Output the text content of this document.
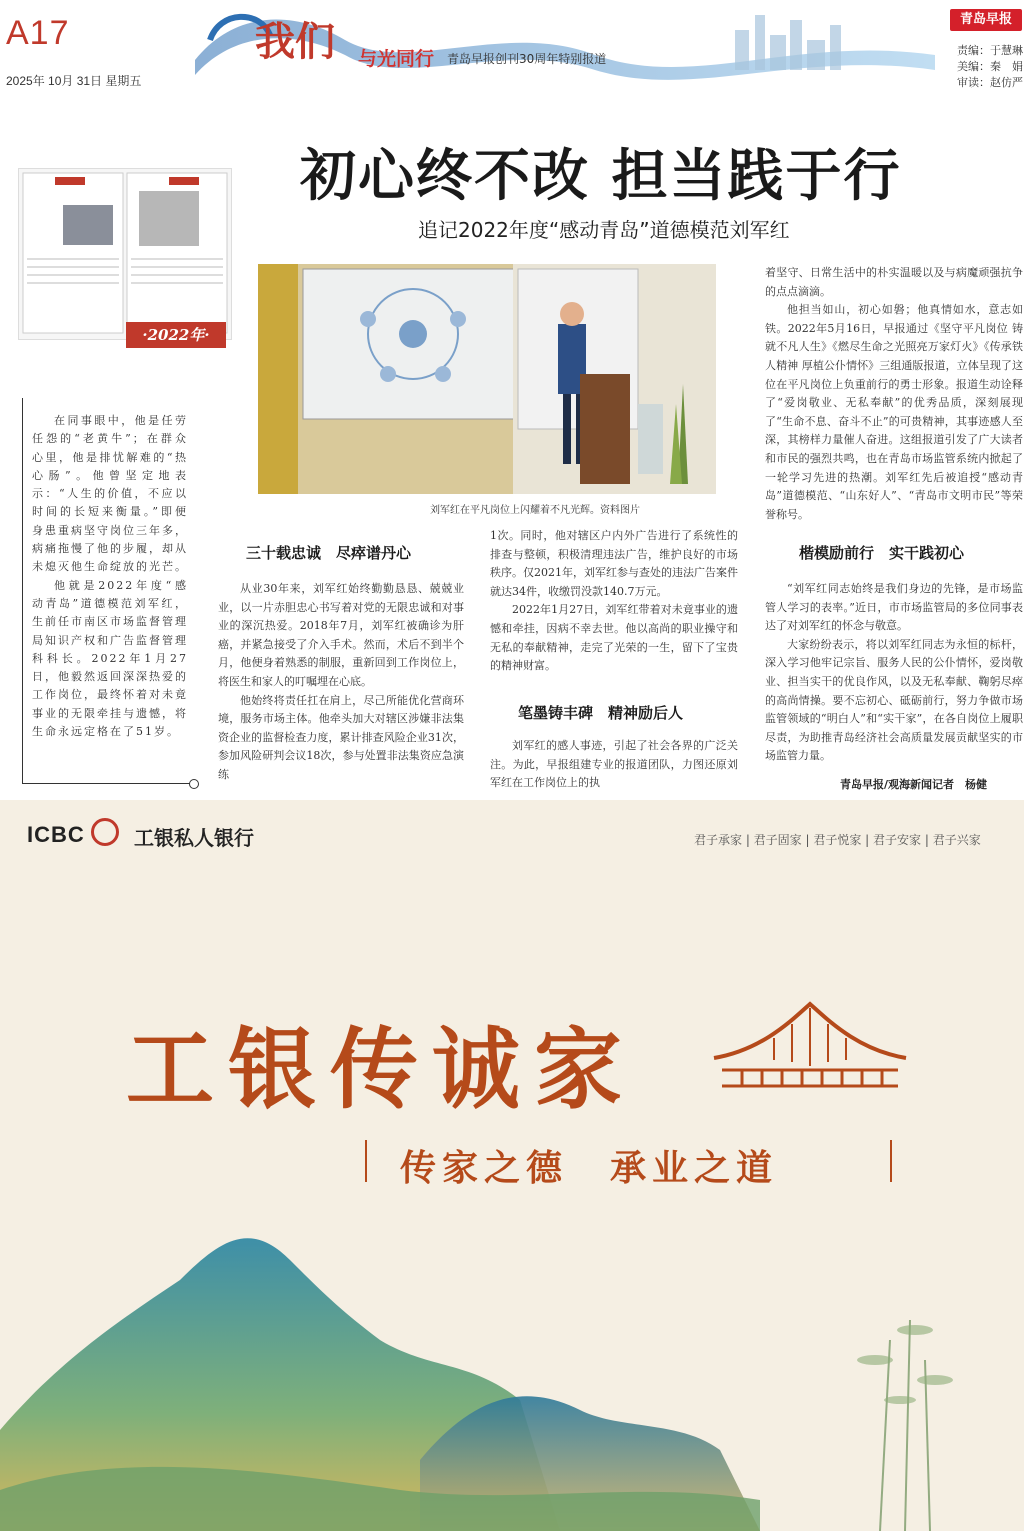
A17
2025年 10月 31日 星期五
我们 与光同行 青岛早报创刊30周年特别报道
青岛早报
责编：于慧琳
美编：秦　娟
审读：赵仿严
·2022年·
初心终不改 担当践于行
追记2022年度“感动青岛”道德模范刘军红
刘军红在平凡岗位上闪耀着不凡光辉。资料图片

在同事眼中，他是任劳任怨的“老黄牛”；在群众心里，他是排忧解难的“热心肠”。他曾坚定地表示：“人生的价值，不应以时间的长短来衡量。”即便身患重病坚守岗位三年多，病痛拖慢了他的步履，却从未熄灭他生命绽放的光芒。

他就是2022年度“感动青岛”道德模范刘军红，生前任市南区市场监督管理局知识产权和广告监督管理科科长。2022年1月27日，他毅然返回深深热爱的工作岗位，最终怀着对未竟事业的无限牵挂与遗憾，将生命永远定格在了51岁。

三十载忠诚　尽瘁谱丹心

从业30年来，刘军红始终勤勤恳恳、兢兢业业，以一片赤胆忠心书写着对党的无限忠诚和对事业的深沉热爱。2018年7月，刘军红被确诊为肝癌，并紧急接受了介入手术。然而，术后不到半个月，他便身着熟悉的制服，重新回到工作岗位上，将医生和家人的叮嘱埋在心底。

他始终将责任扛在肩上，尽己所能优化营商环境，服务市场主体。他牵头加大对辖区涉嫌非法集资企业的监督检查力度，累计排查风险企业31次，参加风险研判会议18次，参与处置非法集资应急演练

1次。同时，他对辖区户内外广告进行了系统性的排查与整顿，积极清理违法广告，维护良好的市场秩序。仅2021年，刘军红参与查处的违法广告案件就达34件，收缴罚没款140.7万元。

2022年1月27日，刘军红带着对未竟事业的遗憾和牵挂，因病不幸去世。他以高尚的职业操守和无私的奉献精神，走完了光荣的一生，留下了宝贵的精神财富。

笔墨铸丰碑　精神励后人

刘军红的感人事迹，引起了社会各界的广泛关注。为此，早报组建专业的报道团队，力图还原刘军红在工作岗位上的执

着坚守、日常生活中的朴实温暖以及与病魔顽强抗争的点点滴滴。

他担当如山，初心如磐；他真情如水，意志如铁。2022年5月16日，早报通过《坚守平凡岗位 铸就不凡人生》《燃尽生命之光照亮万家灯火》《传承铁人精神 厚植公仆情怀》三组通版报道，立体呈现了这位在平凡岗位上负重前行的勇士形象。报道生动诠释了“爱岗敬业、无私奉献”的优秀品质，深刻展现了“生命不息、奋斗不止”的可贵精神，其事迹感人至深，其榜样力量催人奋进。这组报道引发了广大读者和市民的强烈共鸣，也在青岛市场监管系统内掀起了一轮学习先进的热潮。刘军红先后被追授“感动青岛”道德模范、“山东好人”、“青岛市文明市民”等荣誉称号。

楷模励前行　实干践初心

“刘军红同志始终是我们身边的先锋，是市场监管人学习的表率。”近日，市市场监管局的多位同事表达了对刘军红的怀念与敬意。

大家纷纷表示，将以刘军红同志为永恒的标杆，深入学习他牢记宗旨、服务人民的公仆情怀，爱岗敬业、担当实干的优良作风，以及无私奉献、鞠躬尽瘁的高尚情操。要不忘初心、砥砺前行，努力争做市场监管领域的“明白人”和“实干家”，在各自岗位上履职尽责，为助推青岛经济社会高质量发展贡献坚实的市场监管力量。

青岛早报/观海新闻记者　杨健
ICBC 工银私人银行	君子承家 | 君子固家 | 君子悦家 | 君子安家 | 君子兴家
工银传诚家
传家之德　承业之道
